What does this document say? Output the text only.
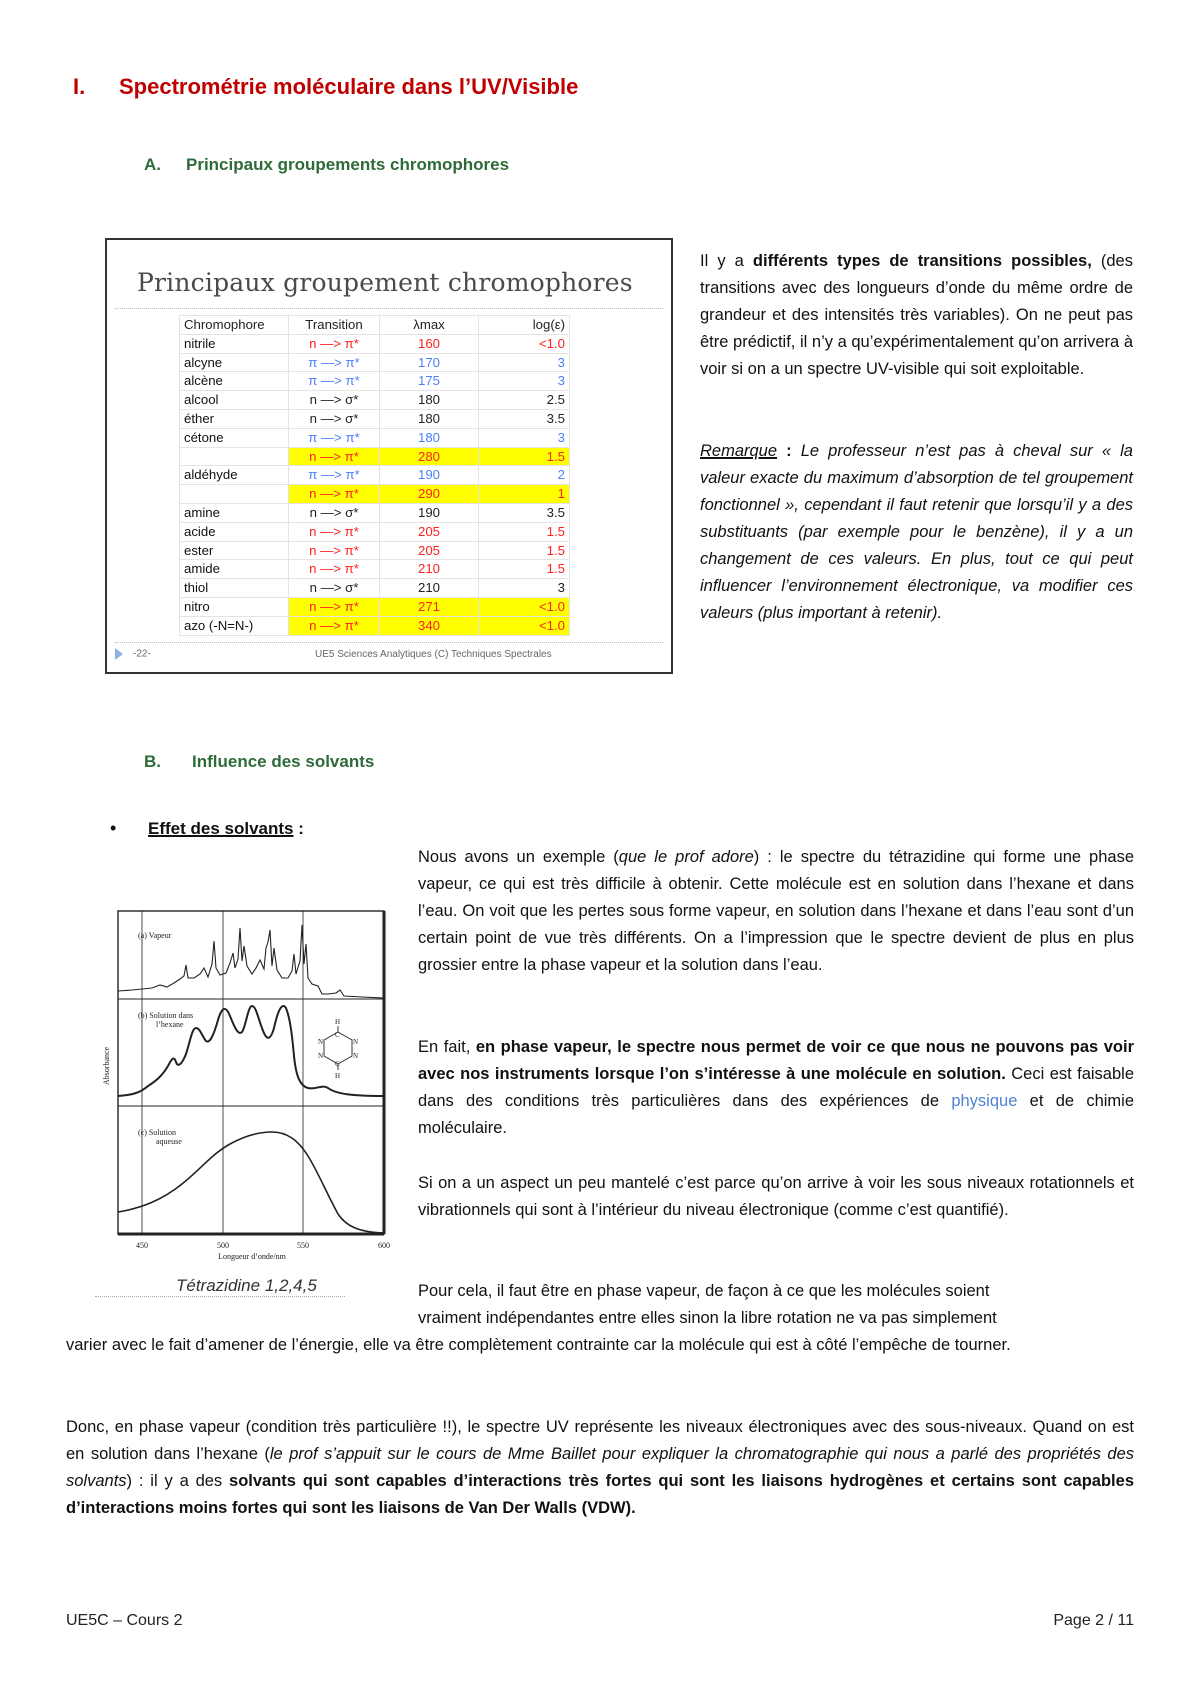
I. Spectrométrie moléculaire dans l’UV/Visible
A. Principaux groupements chromophores
Principaux groupement chromophores
Chromophore	Transition	λmax	log(ε)
nitrile	n —> π*	160	<1.0
alcyne	π —> π*	170	3
alcène	π —> π*	175	3
alcool	n —> σ*	180	2.5
éther	n —> σ*	180	3.5
cétone	π —> π*	180	3
	n —> π*	280	1.5
aldéhyde	π —> π*	190	2
	n —> π*	290	1
amine	n —> σ*	190	3.5
acide	n —> π*	205	1.5
ester	n —> π*	205	1.5
amide	n —> π*	210	1.5
thiol	n —> σ*	210	3
nitro	n —> π*	271	<1.0
azo (-N=N-)	n —> π*	340	<1.0
-22-	UE5 Sciences Analytiques (C) Techniques Spectrales
Il y a différents types de transitions possibles, (des transitions avec des longueurs d’onde du même ordre de grandeur et des intensités très variables). On ne peut pas être prédictif, il n’y a qu’expérimentalement qu’on arrivera à voir si on a un spectre UV-visible qui soit exploitable.
Remarque : Le professeur n’est pas à cheval sur « la valeur exacte du maximum d’absorption de tel groupement fonctionnel », cependant il faut retenir que lorsqu’il y a des substituants (par exemple pour le benzène), il y a un changement de ces valeurs. En plus, tout ce qui peut influencer l’environnement électronique, va modifier ces valeurs (plus important à retenir).
B. Influence des solvants
• Effet des solvants :
(a) Vapeur
(b) Solution dans
l’hexane
(c) Solution
aqueuse
H
C
N
N
N
N
C
H
Absorbance
450	500	550	600
Longueur d’onde/nm
Tétrazidine 1,2,4,5
Nous avons un exemple (que le prof adore) : le spectre du tétrazidine qui forme une phase vapeur, ce qui est très difficile à obtenir. Cette molécule est en solution dans l’hexane et dans l’eau. On voit que les pertes sous forme vapeur, en solution dans l’hexane et dans l’eau sont d’un certain point de vue très différents. On a l’impression que le spectre devient de plus en plus grossier entre la phase vapeur et la solution dans l’eau.
En fait, en phase vapeur, le spectre nous permet de voir ce que nous ne pouvons pas voir avec nos instruments lorsque l’on s’intéresse à une molécule en solution. Ceci est faisable dans des conditions très particulières dans des expériences de physique et de chimie moléculaire.
Si on a un aspect un peu mantelé c’est parce qu’on arrive à voir les sous niveaux rotationnels et vibrationnels qui sont à l’intérieur du niveau électronique (comme c’est quantifié).
Pour cela, il faut être en phase vapeur, de façon à ce que les molécules soient
vraiment indépendantes entre elles sinon la libre rotation ne va pas simplement
varier avec le fait d’amener de l’énergie, elle va être complètement contrainte car la molécule qui est à côté l’empêche de tourner.
Donc, en phase vapeur (condition très particulière !!), le spectre UV représente les niveaux électroniques avec des sous-niveaux. Quand on est en solution dans l’hexane (le prof s’appuit sur le cours de Mme Baillet pour expliquer la chromatographie qui nous a parlé des propriétés des solvants) : il y a des solvants qui sont capables d’interactions très fortes qui sont les liaisons hydrogènes et certains sont capables d’interactions moins fortes qui sont les liaisons de Van Der Walls (VDW).
UE5C – Cours 2	Page 2 / 11
